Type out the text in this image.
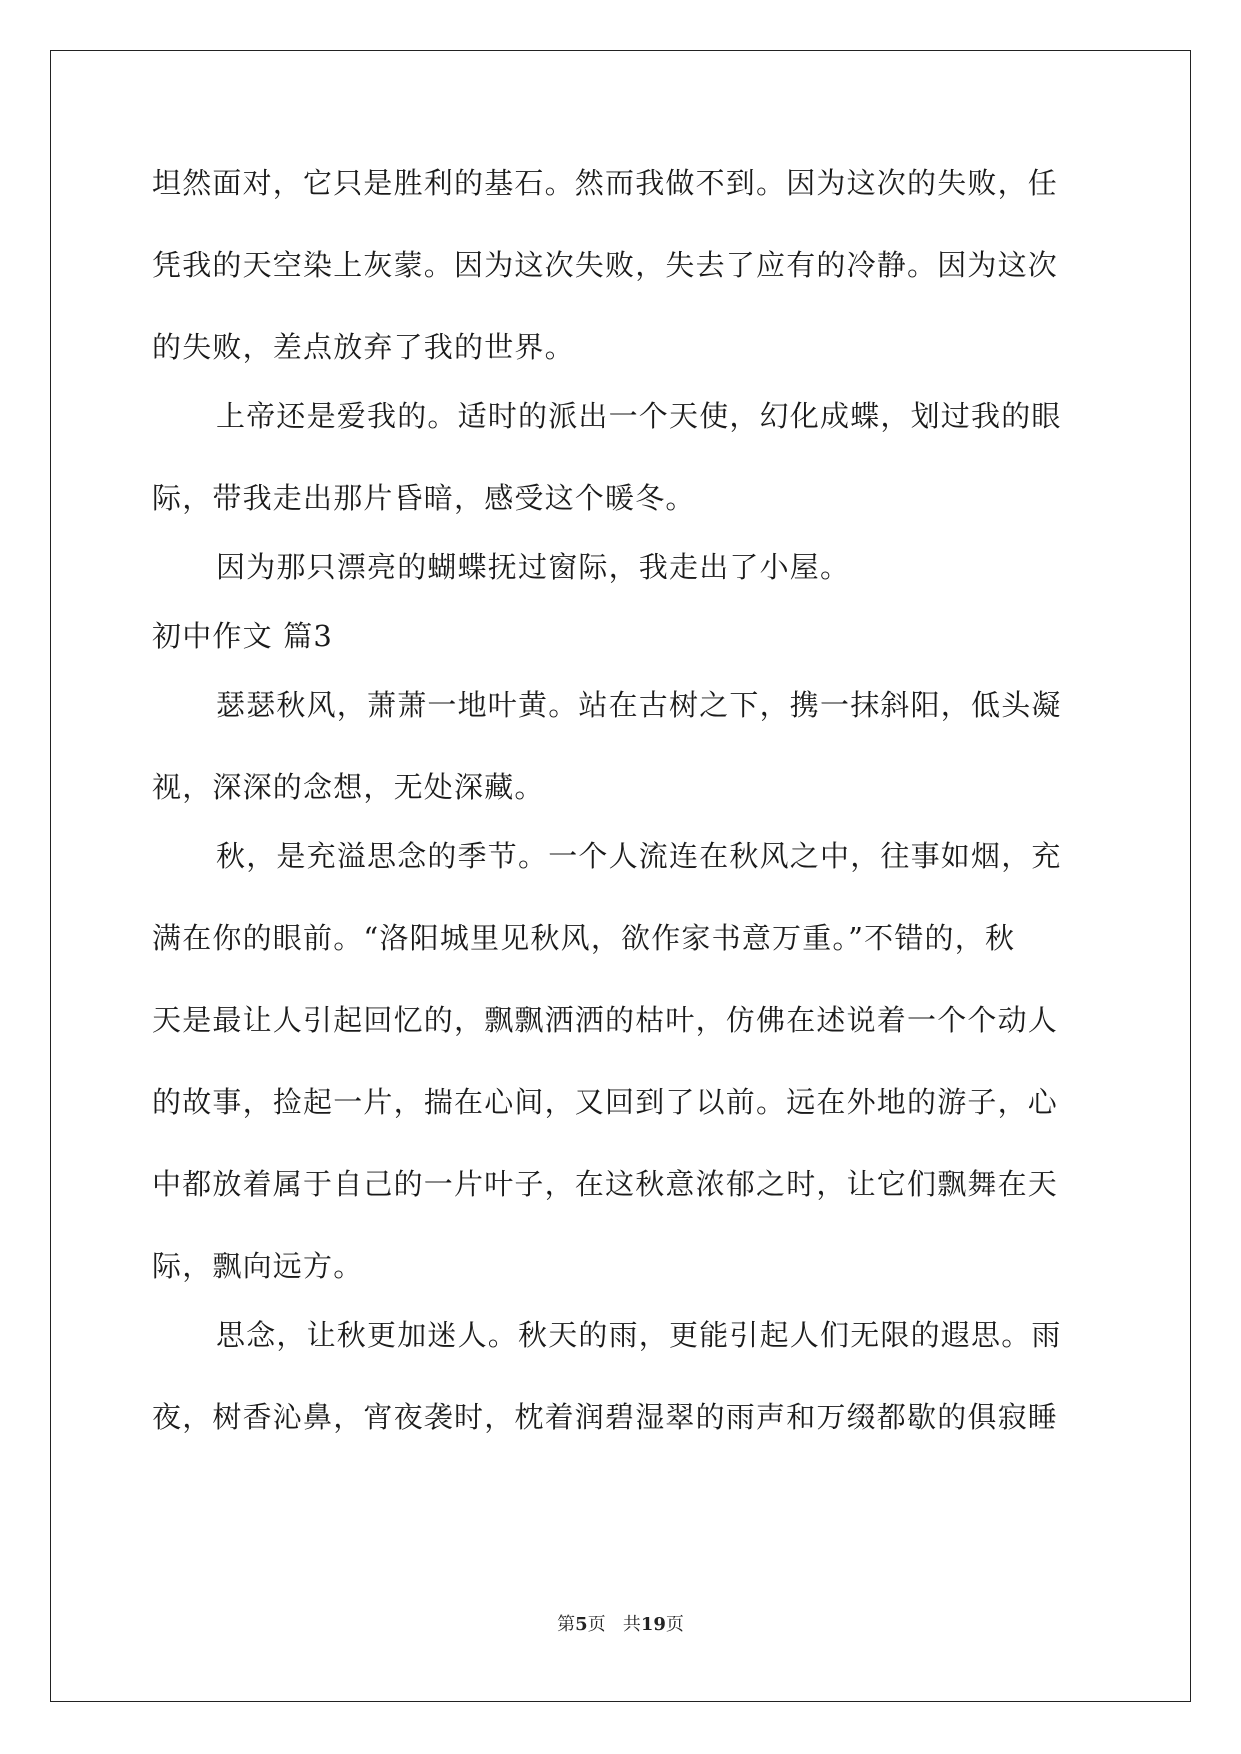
坦然面对，它只是胜利的基石。然而我做不到。因为这次的失败，任
凭我的天空染上灰蒙。因为这次失败，失去了应有的冷静。因为这次
的失败，差点放弃了我的世界。
上帝还是爱我的。适时的派出一个天使，幻化成蝶，划过我的眼
际，带我走出那片昏暗，感受这个暖冬。
因为那只漂亮的蝴蝶抚过窗际，我走出了小屋。
初中作文 篇3
瑟瑟秋风，萧萧一地叶黄。站在古树之下，携一抹斜阳，低头凝
视，深深的念想，无处深藏。
秋，是充溢思念的季节。一个人流连在秋风之中，往事如烟，充
满在你的眼前。“洛阳城里见秋风，欲作家书意万重。”不错的，秋
天是最让人引起回忆的，飘飘洒洒的枯叶，仿佛在述说着一个个动人
的故事，捡起一片，揣在心间，又回到了以前。远在外地的游子，心
中都放着属于自己的一片叶子，在这秋意浓郁之时，让它们飘舞在天
际，飘向远方。
思念，让秋更加迷人。秋天的雨，更能引起人们无限的遐思。雨
夜，树香沁鼻，宵夜袭时，枕着润碧湿翠的雨声和万缀都歇的俱寂睡
第5页 共19页
